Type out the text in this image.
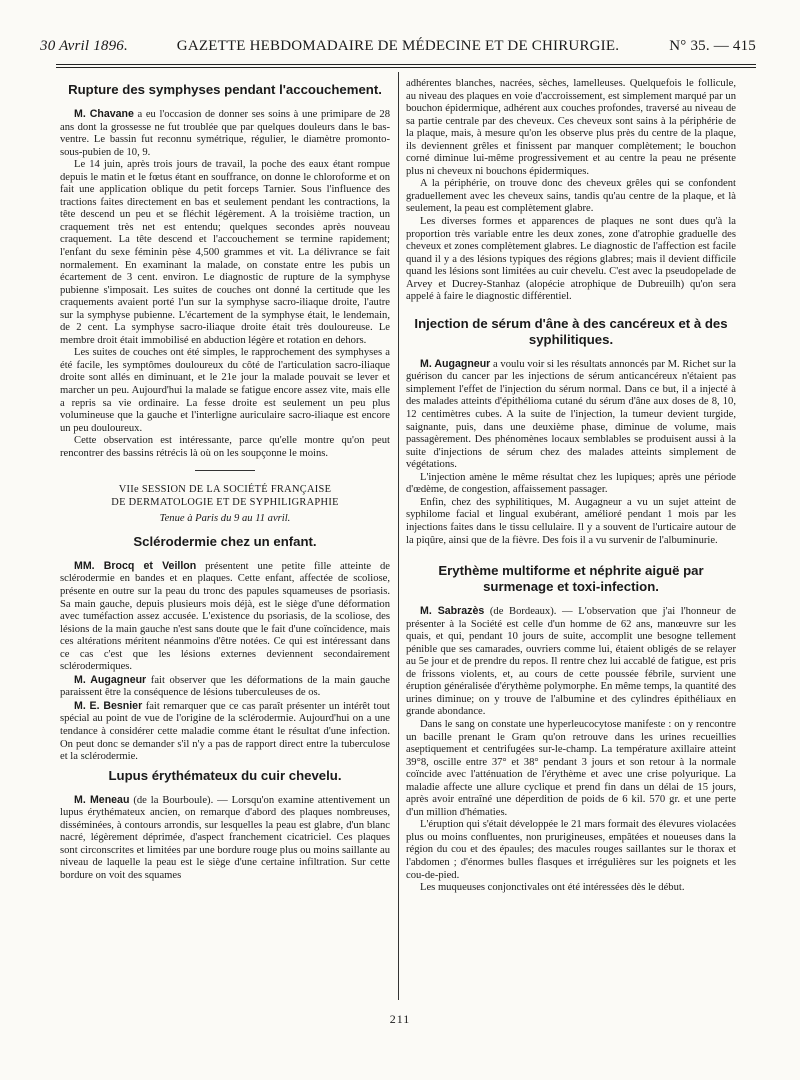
30 Avril 1896.	GAZETTE HEBDOMADAIRE DE MÉDECINE ET DE CHIRURGIE.	N° 35. — 415
Rupture des symphyses pendant l'accouchement.

M. Chavane a eu l'occasion de donner ses soins à une primipare de 28 ans dont la grossesse ne fut troublée que par quelques douleurs dans le bas-ventre. Le bassin fut reconnu symétrique, régulier, le diamètre promonto-sous-pubien de 10, 9.

Le 14 juin, après trois jours de travail, la poche des eaux étant rompue depuis le matin et le fœtus étant en souffrance, on donne le chloroforme et on fait une application oblique du petit forceps Tarnier. Sous l'influence des tractions faites directement en bas et seulement pendant les contractions, la tête descend un peu et se fléchit légèrement. A la troisième traction, un craquement très net est entendu; quelques secondes après nouveau craquement. La tête descend et l'accouchement se termine rapidement; l'enfant du sexe féminin pèse 4,500 grammes et vit. La délivrance se fait normalement. En examinant la malade, on constate entre les pubis un écartement de 3 cent. environ. Le diagnostic de rupture de la symphyse pubienne s'imposait. Les suites de couches ont donné la certitude que les craquements avaient porté l'un sur la symphyse sacro-iliaque droite, l'autre sur la symphyse pubienne. L'écartement de la symphyse était, le lendemain, de 2 cent. La symphyse sacro-iliaque droite était très douloureuse. Le membre droit était immobilisé en abduction légère et rotation en dehors.

Les suites de couches ont été simples, le rapprochement des symphyses a été facile, les symptômes douloureux du côté de l'articulation sacro-iliaque droite sont allés en diminuant, et le 21e jour la malade pouvait se lever et marcher un peu. Aujourd'hui la malade se fatigue encore assez vite, mais elle a repris sa vie ordinaire. La fesse droite est seulement un peu plus volumineuse que la gauche et l'interligne auriculaire sacro-iliaque est encore un peu douloureux.

Cette observation est intéressante, parce qu'elle montre qu'on peut rencontrer des bassins rétrécis là où on les soupçonne le moins.

VIIe SESSION DE LA SOCIÉTÉ FRANÇAISE
DE DERMATOLOGIE ET DE SYPHILIGRAPHIE
Tenue à Paris du 9 au 11 avril.
Sclérodermie chez un enfant.

MM. Brocq et Veillon présentent une petite fille atteinte de sclérodermie en bandes et en plaques. Cette enfant, affectée de scoliose, présente en outre sur la peau du tronc des papules squameuses de psoriasis. Sa main gauche, depuis plusieurs mois déjà, est le siège d'une déformation avec tuméfaction assez accusée. L'existence du psoriasis, de la scoliose, des lésions de la main gauche n'est sans doute que le fait d'une coïncidence, mais ces altérations méritent néanmoins d'être notées. Ce qui est intéressant dans ce cas c'est que les lésions externes deviennent secondairement sclérodermiques.

M. Augagneur fait observer que les déformations de la main gauche paraissent être la conséquence de lésions tuberculeuses de os.

M. E. Besnier fait remarquer que ce cas paraît présenter un intérêt tout spécial au point de vue de l'origine de la sclérodermie. Aujourd'hui on a une tendance à considérer cette maladie comme étant le résultat d'une infection. On peut donc se demander s'il n'y a pas de rapport direct entre la tuberculose et la sclérodermie.

Lupus érythémateux du cuir chevelu.

M. Meneau (de la Bourboule). — Lorsqu'on examine attentivement un lupus érythémateux ancien, on remarque d'abord des plaques nombreuses, disséminées, à contours arrondis, sur lesquelles la peau est glabre, d'un blanc nacré, légèrement déprimée, d'aspect franchement cicatriciel. Ces plaques sont circonscrites et limitées par une bordure rouge plus ou moins saillante au niveau de laquelle la peau est le siège d'une certaine infiltration. Sur cette bordure on voit des squames

adhérentes blanches, nacrées, sèches, lamelleuses. Quelquefois le follicule, au niveau des plaques en voie d'accroissement, est simplement marqué par un bouchon épidermique, adhérent aux couches profondes, traversé au niveau de sa partie centrale par des cheveux. Ces cheveux sont sains à la périphérie de la plaque, mais, à mesure qu'on les observe plus près du centre de la plaque, ils deviennent grêles et finissent par manquer complètement; le bouchon corné diminue lui-même progressivement et au centre la peau ne présente plus ni cheveux ni bouchons épidermiques.

A la périphérie, on trouve donc des cheveux grêles qui se confondent graduellement avec les cheveux sains, tandis qu'au centre de la plaque, et là seulement, la peau est complètement glabre.

Les diverses formes et apparences de plaques ne sont dues qu'à la proportion très variable entre les deux zones, zone d'atrophie graduelle des cheveux et zones complètement glabres. Le diagnostic de l'affection est facile quand il y a des lésions typiques des régions glabres; mais il devient difficile quand les lésions sont limitées au cuir chevelu. C'est avec la pseudopelade de Arvey et Ducrey-Stanhaz (alopécie atrophique de Dubreuilh) qu'on sera appelé à faire le diagnostic différentiel.

Injection de sérum d'âne à des cancéreux et à des syphilitiques.

M. Augagneur a voulu voir si les résultats annoncés par M. Richet sur la guérison du cancer par les injections de sérum anticancéreux n'étaient pas simplement l'effet de l'injection du sérum normal. Dans ce but, il a injecté à des malades atteints d'épithélioma cutané du sérum d'âne aux doses de 8, 10, 12 centimètres cubes. A la suite de l'injection, la tumeur devient turgide, saignante, puis, dans une deuxième phase, diminue de volume, mais passagèrement. Des phénomènes locaux semblables se produisent aussi à la suite d'injections de sérum chez des malades atteints simplement de végétations.

L'injection amène le même résultat chez les lupiques; après une période d'œdème, de congestion, affaissement passager.

Enfin, chez des syphilitiques, M. Augagneur a vu un sujet atteint de syphilome facial et lingual exubérant, amélioré pendant 1 mois par les injections faites dans le tissu cellulaire. Il y a souvent de l'urticaire autour de la piqûre, ainsi que de la fièvre. Des fois il a vu survenir de l'albuminurie.

Erythème multiforme et néphrite aiguë par surmenage et toxi-infection.

M. Sabrazès (de Bordeaux). — L'observation que j'ai l'honneur de présenter à la Société est celle d'un homme de 62 ans, manœuvre sur les quais, et qui, pendant 10 jours de suite, accomplit une besogne tellement pénible que ses camarades, ouvriers comme lui, étaient obligés de se relayer au 5e jour et de prendre du repos. Il rentre chez lui accablé de fatigue, est pris de frissons violents, et, au cours de cette poussée fébrile, survient une éruption généralisée d'érythème polymorphe. En même temps, la quantité des urines diminue; on y trouve de l'albumine et des cylindres épithéliaux en grande abondance.

Dans le sang on constate une hyperleucocytose manifeste : on y rencontre un bacille prenant le Gram qu'on retrouve dans les urines recueillies aseptiquement et centrifugées sur-le-champ. La température axillaire atteint 39°8, oscille entre 37° et 38° pendant 3 jours et son retour à la normale coïncide avec l'atténuation de l'érythème et avec une crise polyurique. La maladie affecte une allure cyclique et prend fin dans un délai de 15 jours, après avoir entraîné une déperdition de poids de 6 kil. 570 gr. et une perte d'un million d'hématies.

L'éruption qui s'était développée le 21 mars formait des élevures violacées plus ou moins confluentes, non prurigineuses, empâtées et noueuses dans la région du cou et des épaules; des macules rouges saillantes sur le thorax et l'abdomen ; d'énormes bulles flasques et irrégulières sur les poignets et les cou-de-pied.

Les muqueuses conjonctivales ont été intéressées dès le début.

211
